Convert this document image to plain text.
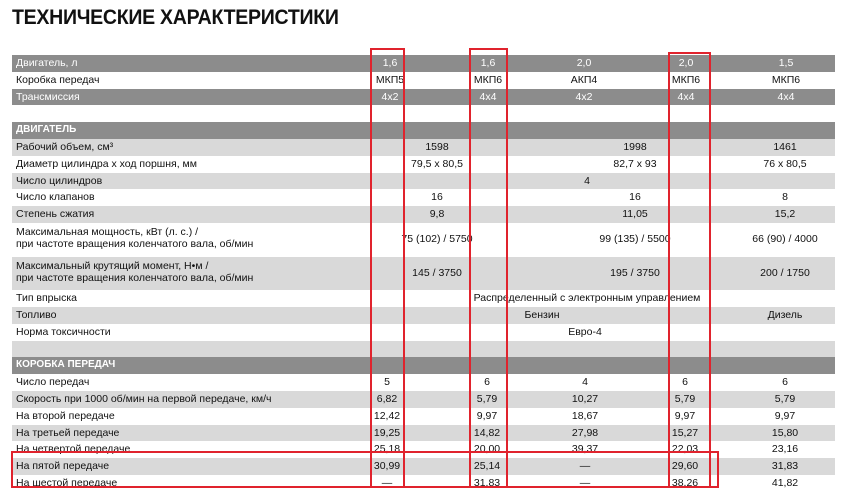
ТЕХНИЧЕСКИЕ ХАРАКТЕРИСТИКИ
Двигатель, л	1,6	1,6	2,0	2,0	1,5
Коробка передач	МКП5	МКП6	АКП4	МКП6	МКП6
Трансмиссия	4х2	4х4	4х2	4х4	4х4
ДВИГАТЕЛЬ
Рабочий объем, см³	1598	1998	1461
Диаметр цилиндра х ход поршня, мм	79,5 х 80,5	82,7 х 93	76 х 80,5
Число цилиндров	4
Число клапанов	16	16	8
Степень сжатия	9,8	11,05	15,2
Максимальная мощность, кВт (л. с.) /
при частоте вращения коленчатого вала, об/мин	75 (102) / 5750	99 (135) / 5500	66 (90) / 4000
Максимальный крутящий момент, Н•м /
при частоте вращения коленчатого вала, об/мин	145 / 3750	195 / 3750	200 / 1750
Тип впрыска	Распределенный с электронным управлением
Топливо	Бензин	Дизель
Норма токсичности	Евро-4
КОРОБКА ПЕРЕДАЧ
Число передач	5	6	4	6	6
Скорость при 1000 об/мин на первой передаче, км/ч	6,82	5,79	10,27	5,79	5,79
На второй передаче	12,42	9,97	18,67	9,97	9,97
На третьей передаче	19,25	14,82	27,98	15,27	15,80
На четвертой передаче	25,18	20,00	39,37	22,03	23,16
На пятой передаче	30,99	25,14	—	29,60	31,83
На шестой передаче	—	31,83	—	38,26	41,82
